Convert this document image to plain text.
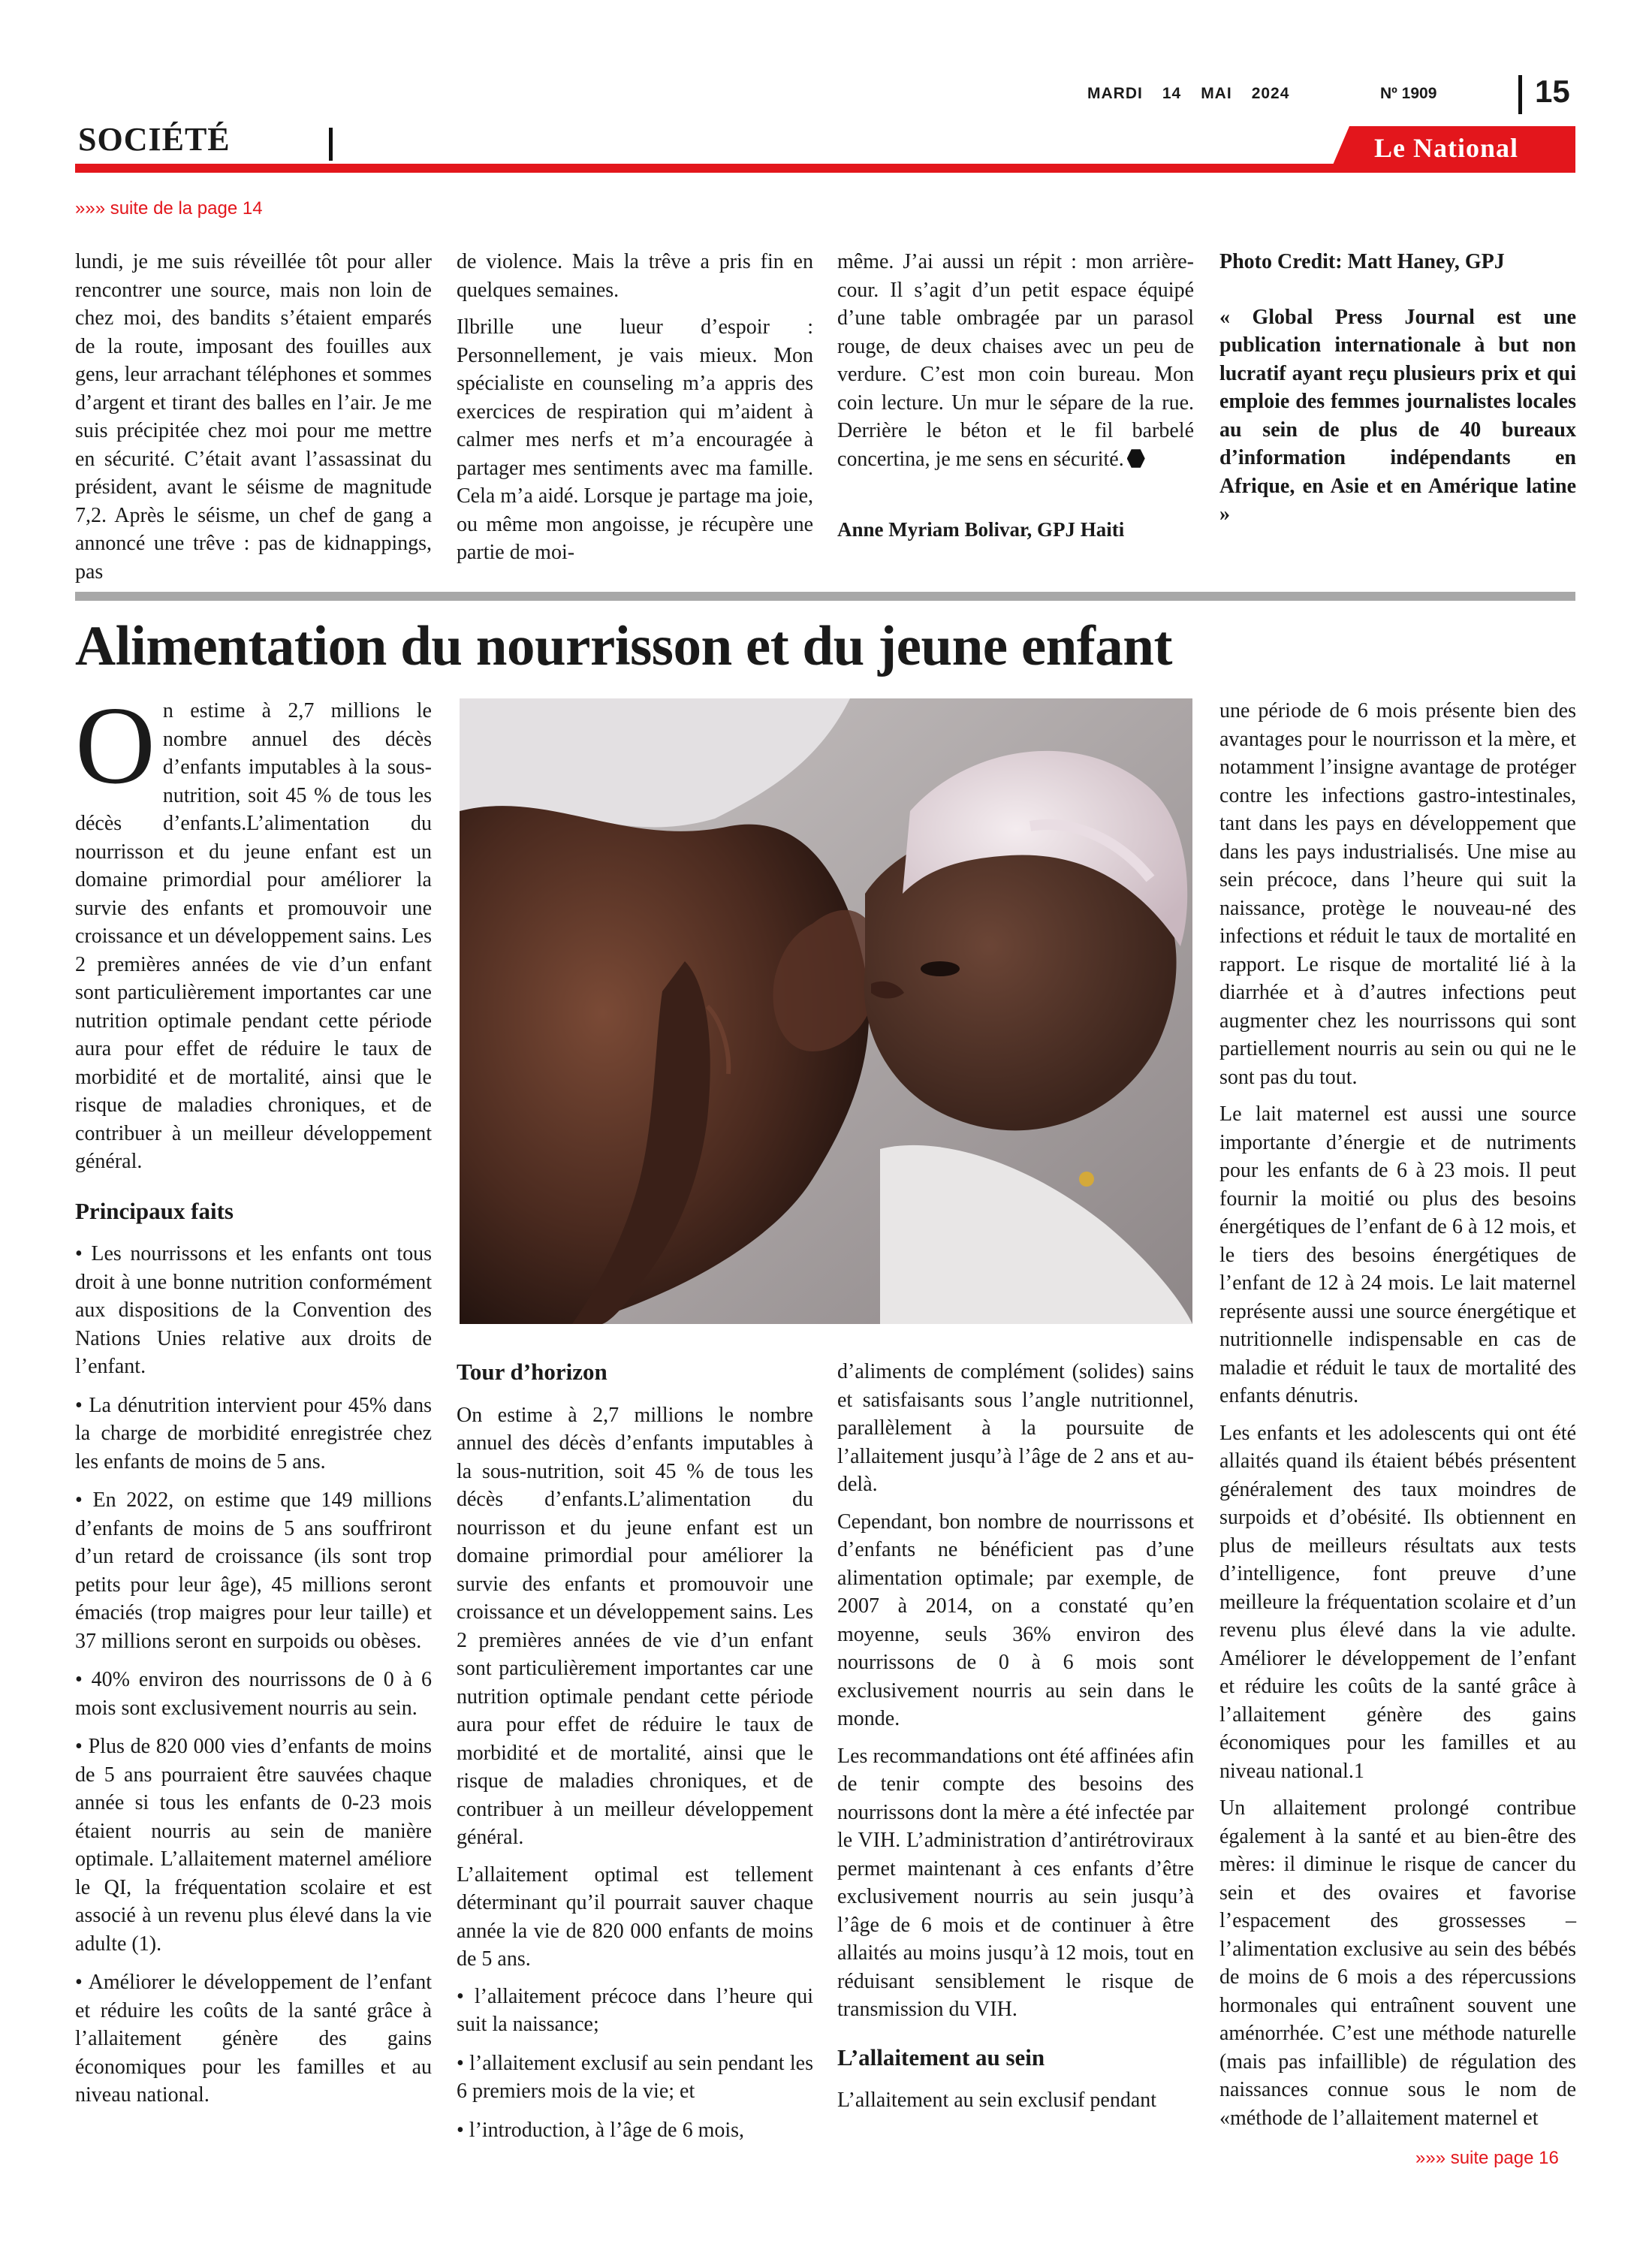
MARDI 14 MAI 2024	Nº 1909	15
SOCIÉTÉ	Le National
»»» suite de la page 14

lundi, je me suis réveillée tôt pour aller rencontrer une source, mais non loin de chez moi, des bandits s’étaient emparés de la route, imposant des fouilles aux gens, leur arrachant téléphones et sommes d’argent et tirant des balles en l’air. Je me suis précipitée chez moi pour me mettre en sécurité. C’était avant l’assassinat du président, avant le séisme de magnitude 7,2. Après le séisme, un chef de gang a annoncé une trêve : pas de kidnappings, pas

de violence. Mais la trêve a pris fin en quelques semaines.

Ilbrille une lueur d’espoir : Personnellement, je vais mieux. Mon spécialiste en counseling m’a appris des exercices de respiration qui m’aident à calmer mes nerfs et m’a encouragée à partager mes sentiments avec ma famille. Cela m’a aidé. Lorsque je partage ma joie, ou même mon angoisse, je récupère une partie de moi-

même. J’ai aussi un répit : mon arrière-cour. Il s’agit d’un petit espace équipé d’une table ombragée par un parasol rouge, de deux chaises avec un peu de verdure. C’est mon coin bureau. Mon coin lecture. Un mur le sépare de la rue. Derrière le béton et le fil barbelé concertina, je me sens en sécurité.

Anne Myriam Bolivar, GPJ Haiti

Photo Credit: Matt Haney, GPJ

« Global Press Journal est une publication internationale à but non lucratif ayant reçu plusieurs prix et qui emploie des femmes journalistes locales au sein de plus de 40 bureaux d’information indépendants en Afrique, en Asie et en Amérique latine »

Alimentation du nourrisson et du jeune enfant

On estime à 2,7 millions le nombre annuel des décès d’enfants imputables à la sous-nutrition, soit 45 % de tous les décès d’enfants.L’alimentation du nourrisson et du jeune enfant est un domaine primordial pour améliorer la survie des enfants et promouvoir une croissance et un développement sains. Les 2 premières années de vie d’un enfant sont particulièrement importantes car une nutrition optimale pendant cette période aura pour effet de réduire le taux de morbidité et de mortalité, ainsi que le risque de maladies chroniques, et de contribuer à un meilleur développement général.

Principaux faits

• Les nourrissons et les enfants ont tous droit à une bonne nutrition conformément aux dispositions de la Convention des Nations Unies relative aux droits de l’enfant.

• La dénutrition intervient pour 45% dans la charge de morbidité enregistrée chez les enfants de moins de 5 ans.

• En 2022, on estime que 149 millions d’enfants de moins de 5 ans souffriront d’un retard de croissance (ils sont trop petits pour leur âge), 45 millions seront émaciés (trop maigres pour leur taille) et 37 millions seront en surpoids ou obèses.

• 40% environ des nourrissons de 0 à 6 mois sont exclusivement nourris au sein.

• Plus de 820 000 vies d’enfants de moins de 5 ans pourraient être sauvées chaque année si tous les enfants de 0-23 mois étaient nourris au sein de manière optimale. L’allaitement maternel améliore le QI, la fréquentation scolaire et est associé à un revenu plus élevé dans la vie adulte (1).

• Améliorer le développement de l’enfant et réduire les coûts de la santé grâce à l’allaitement génère des gains économiques pour les familles et au niveau national.

Tour d’horizon

On estime à 2,7 millions le nombre annuel des décès d’enfants imputables à la sous-nutrition, soit 45 % de tous les décès d’enfants.L’alimentation du nourrisson et du jeune enfant est un domaine primordial pour améliorer la survie des enfants et promouvoir une croissance et un développement sains. Les 2 premières années de vie d’un enfant sont particulièrement importantes car une nutrition optimale pendant cette période aura pour effet de réduire le taux de morbidité et de mortalité, ainsi que le risque de maladies chroniques, et de contribuer à un meilleur développement général.

L’allaitement optimal est tellement déterminant qu’il pourrait sauver chaque année la vie de 820 000 enfants de moins de 5 ans.

• l’allaitement précoce dans l’heure qui suit la naissance;

• l’allaitement exclusif au sein pendant les 6 premiers mois de la vie; et

• l’introduction, à l’âge de 6 mois,

d’aliments de complément (solides) sains et satisfaisants sous l’angle nutritionnel, parallèlement à la poursuite de l’allaitement jusqu’à l’âge de 2 ans et au-delà.

Cependant, bon nombre de nourrissons et d’enfants ne bénéficient pas d’une alimentation optimale; par exemple, de 2007 à 2014, on a constaté qu’en moyenne, seuls 36% environ des nourrissons de 0 à 6 mois sont exclusivement nourris au sein dans le monde.

Les recommandations ont été affinées afin de tenir compte des besoins des nourrissons dont la mère a été infectée par le VIH. L’administration d’antirétroviraux permet maintenant à ces enfants d’être exclusivement nourris au sein jusqu’à l’âge de 6 mois et de continuer à être allaités au moins jusqu’à 12 mois, tout en réduisant sensiblement le risque de transmission du VIH.

L’allaitement au sein

L’allaitement au sein exclusif pendant

une période de 6 mois présente bien des avantages pour le nourrisson et la mère, et notamment l’insigne avantage de protéger contre les infections gastro-intestinales, tant dans les pays en développement que dans les pays industrialisés. Une mise au sein précoce, dans l’heure qui suit la naissance, protège le nouveau-né des infections et réduit le taux de mortalité en rapport. Le risque de mortalité lié à la diarrhée et à d’autres infections peut augmenter chez les nourrissons qui sont partiellement nourris au sein ou qui ne le sont pas du tout.

Le lait maternel est aussi une source importante d’énergie et de nutriments pour les enfants de 6 à 23 mois. Il peut fournir la moitié ou plus des besoins énergétiques de l’enfant de 6 à 12 mois, et le tiers des besoins énergétiques de l’enfant de 12 à 24 mois. Le lait maternel représente aussi une source énergétique et nutritionnelle indispensable en cas de maladie et réduit le taux de mortalité des enfants dénutris.

Les enfants et les adolescents qui ont été allaités quand ils étaient bébés présentent généralement des taux moindres de surpoids et d’obésité. Ils obtiennent en plus de meilleurs résultats aux tests d’intelligence, font preuve d’une meilleure la fréquentation scolaire et d’un revenu plus élevé dans la vie adulte. Améliorer le développement de l’enfant et réduire les coûts de la santé grâce à l’allaitement génère des gains économiques pour les familles et au niveau national.1

Un allaitement prolongé contribue également à la santé et au bien-être des mères: il diminue le risque de cancer du sein et des ovaires et favorise l’espacement des grossesses – l’alimentation exclusive au sein des bébés de moins de 6 mois a des répercussions hormonales qui entraînent souvent une aménorrhée. C’est une méthode naturelle (mais pas infaillible) de régulation des naissances connue sous le nom de «méthode de l’allaitement maternel et

»»» suite page 16
